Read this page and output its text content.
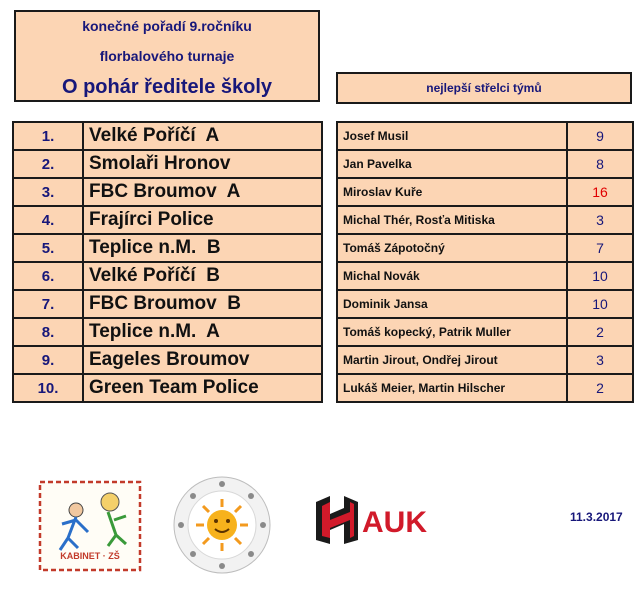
konečné pořadí 9.ročníku
florbalového turnaje
O pohár ředitele školy	nejlepší střelci týmů
1.	Velké Poříčí  A
2.	Smolaři Hronov
3.	FBC Broumov  A
4.	Frajírci Police
5.	Teplice n.M.  B
6.	Velké Poříčí  B
7.	FBC Broumov  B
8.	Teplice n.M.  A
9.	Eageles Broumov
10.	Green Team Police
Josef Musil	9
Jan Pavelka	8
Miroslav Kuře	16
Michal Thér, Rosťa Mitiska	3
Tomáš Zápotočný	7
Michal Novák	10
Dominik Jansa	10
Tomáš kopecký, Patrik Muller	2
Martin Jirout, Ondřej Jirout	3
Lukáš Meier, Martin Hilscher	2
KABINET · ZŠ
AUK	11.3.2017
